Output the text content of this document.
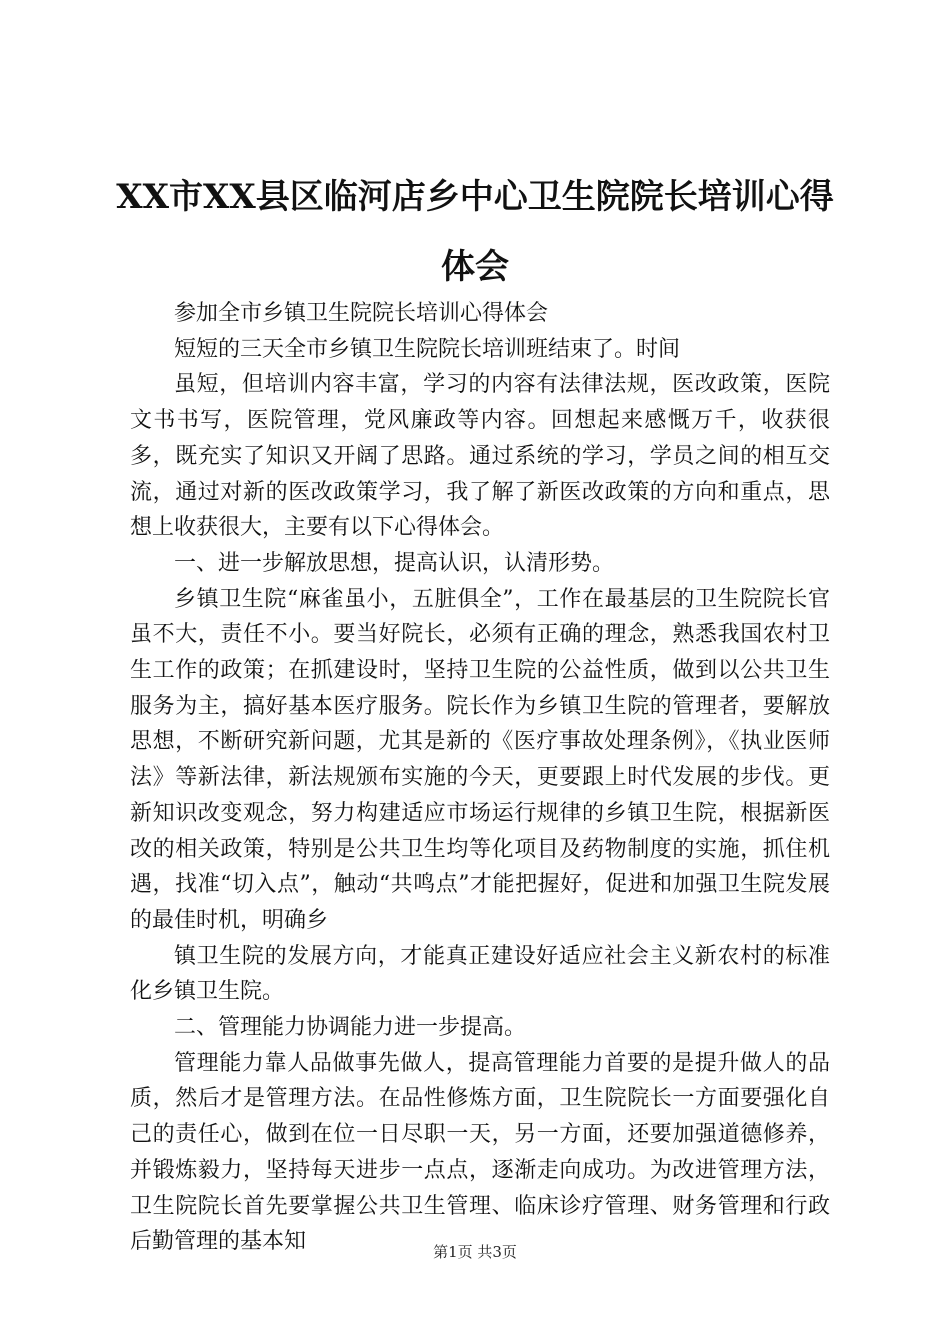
XX市XX县区临河店乡中心卫生院院长培训心得体会

参加全市乡镇卫生院院长培训心得体会

短短的三天全市乡镇卫生院院长培训班结束了。时间

虽短，但培训内容丰富，学习的内容有法律法规，医改政策，医院文书书写，医院管理，党风廉政等内容。回想起来感慨万千，收获很多，既充实了知识又开阔了思路。通过系统的学习，学员之间的相互交流，通过对新的医改政策学习，我了解了新医改政策的方向和重点，思想上收获很大，主要有以下心得体会。

一、进一步解放思想，提高认识，认清形势。

乡镇卫生院“麻雀虽小，五脏俱全”，工作在最基层的卫生院院长官虽不大，责任不小。要当好院长，必须有正确的理念，熟悉我国农村卫生工作的政策；在抓建设时，坚持卫生院的公益性质，做到以公共卫生服务为主，搞好基本医疗服务。院长作为乡镇卫生院的管理者，要解放思想，不断研究新问题，尤其是新的《医疗事故处理条例》，《执业医师法》等新法律，新法规颁布实施的今天，更要跟上时代发展的步伐。更新知识改变观念，努力构建适应市场运行规律的乡镇卫生院，根据新医改的相关政策，特别是公共卫生均等化项目及药物制度的实施，抓住机遇，找准“切入点”，触动“共鸣点”才能把握好，促进和加强卫生院发展的最佳时机，明确乡

镇卫生院的发展方向，才能真正建设好适应社会主义新农村的标准化乡镇卫生院。

二、管理能力协调能力进一步提高。

管理能力靠人品做事先做人，提高管理能力首要的是提升做人的品质，然后才是管理方法。在品性修炼方面，卫生院院长一方面要强化自己的责任心，做到在位一日尽职一天，另一方面，还要加强道德修养，并锻炼毅力，坚持每天进步一点点，逐渐走向成功。为改进管理方法，卫生院院长首先要掌握公共卫生管理、临床诊疗管理、财务管理和行政后勤管理的基本知	第1页 共3页
